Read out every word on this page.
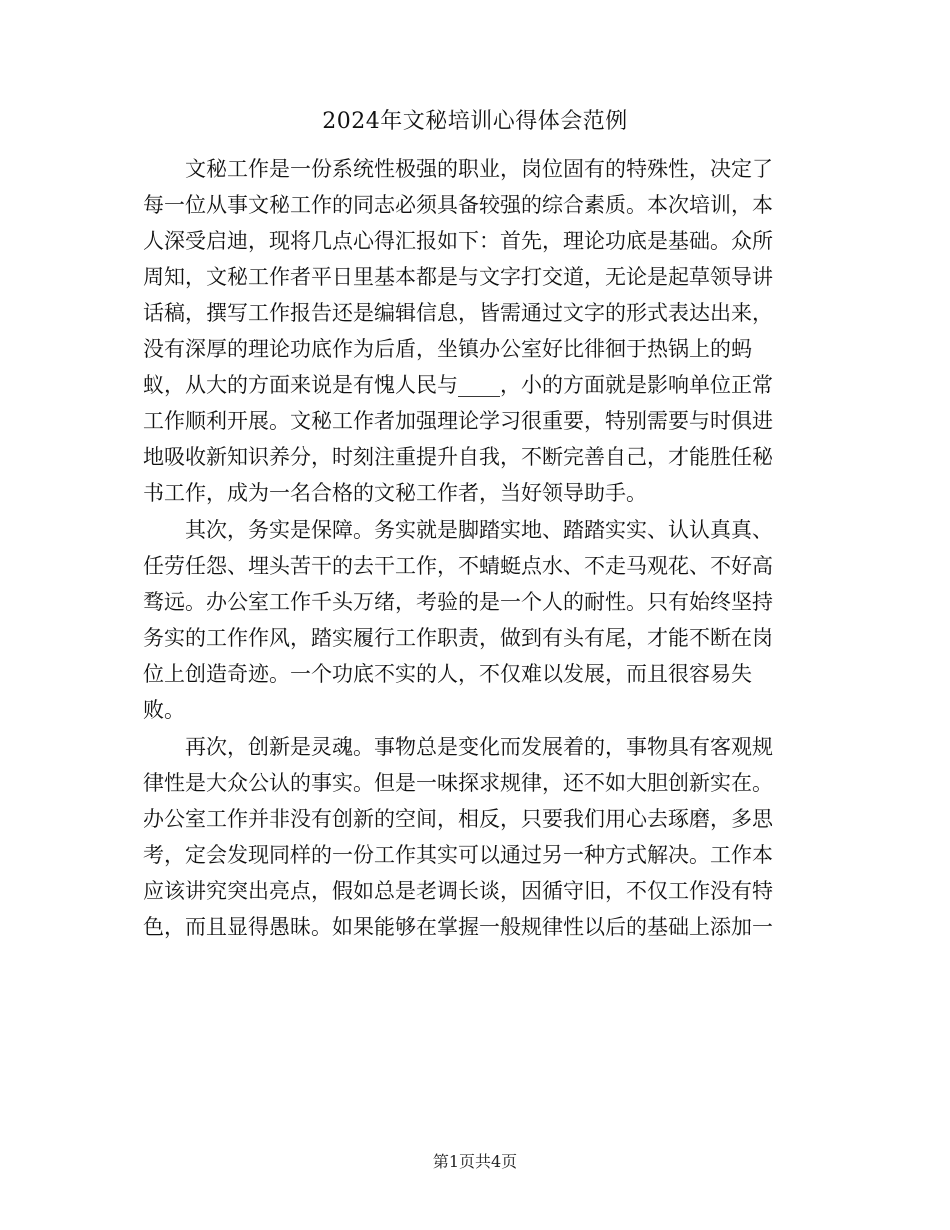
2024年文秘培训心得体会范例

　　文秘工作是一份系统性极强的职业，岗位固有的特殊性，决定了
每一位从事文秘工作的同志必须具备较强的综合素质。本次培训，本
人深受启迪，现将几点心得汇报如下：首先，理论功底是基础。众所
周知，文秘工作者平日里基本都是与文字打交道，无论是起草领导讲
话稿，撰写工作报告还是编辑信息，皆需通过文字的形式表达出来，
没有深厚的理论功底作为后盾，坐镇办公室好比徘徊于热锅上的蚂
蚁，从大的方面来说是有愧人民与____，小的方面就是影响单位正常
工作顺利开展。文秘工作者加强理论学习很重要，特别需要与时俱进
地吸收新知识养分，时刻注重提升自我，不断完善自己，才能胜任秘
书工作，成为一名合格的文秘工作者，当好领导助手。

　　其次，务实是保障。务实就是脚踏实地、踏踏实实、认认真真、
任劳任怨、埋头苦干的去干工作，不蜻蜓点水、不走马观花、不好高
骛远。办公室工作千头万绪，考验的是一个人的耐性。只有始终坚持
务实的工作作风，踏实履行工作职责，做到有头有尾，才能不断在岗
位上创造奇迹。一个功底不实的人，不仅难以发展，而且很容易失
败。

　　再次，创新是灵魂。事物总是变化而发展着的，事物具有客观规
律性是大众公认的事实。但是一味探求规律，还不如大胆创新实在。
办公室工作并非没有创新的空间，相反，只要我们用心去琢磨，多思
考，定会发现同样的一份工作其实可以通过另一种方式解决。工作本
应该讲究突出亮点，假如总是老调长谈，因循守旧，不仅工作没有特
色，而且显得愚昧。如果能够在掌握一般规律性以后的基础上添加一

第1页共4页
